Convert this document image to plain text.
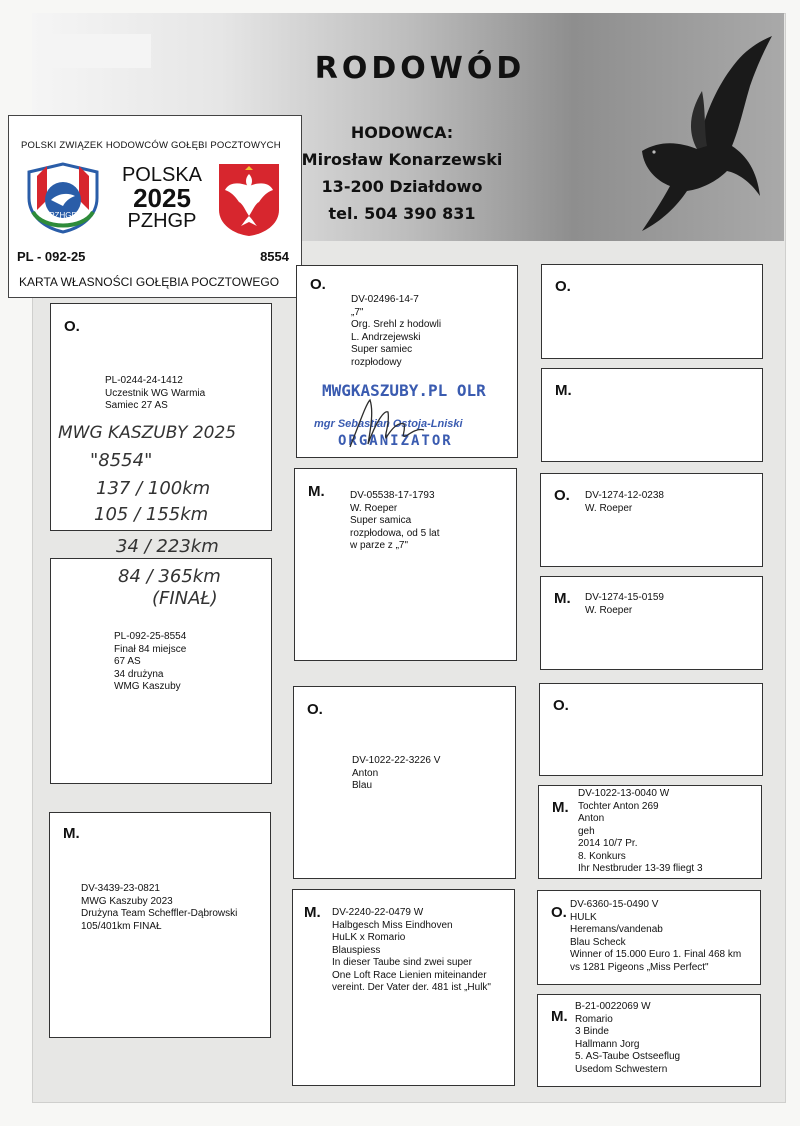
RODOWÓD
HODOWCA:
Mirosław Konarzewski
13-200 Działdowo
tel. 504 390 831
POLSKI ZWIĄZEK HODOWCÓW GOŁĘBI POCZTOWYCH
PZHGP
POLSKA
2025
PZHGP
PL - 092-25	8554
KARTA WŁASNOŚCI GOŁĘBIA POCZTOWEGO
O.
PL-0244-24-1412
Uczestnik WG Warmia
Samiec 27 AS
PL-092-25-8554
Finał 84 miejsce
67 AS
34 drużyna
WMG Kaszuby
MWG KASZUBY 2025
"8554"
137 / 100km
105 / 155km
34 / 223km
84 / 365km
(FINAŁ)
M.
DV-3439-23-0821
MWG Kaszuby 2023
Drużyna Team Scheffler-Dąbrowski
105/401km FINAŁ
O.
DV-02496-14-7
„7"
Org. Srehl z hodowli
L. Andrzejewski
Super samiec
rozpłodowy
MWGKASZUBY.PL OLR
mgr Sebastian Ostoja-Lniski
ORGANIZATOR
M.	DV-05538-17-1793
W. Roeper
Super samica
rozpłodowa, od 5 lat
w parze z „7"
O.
DV-1022-22-3226 V
Anton
Blau
M. DV-2240-22-0479 W
Halbgesch Miss Eindhoven
HuLK x Romario
Blauspiess
In dieser Taube sind zwei super
One Loft Race Lienien miteinander
vereint. Der Vater der. 481 ist „Hulk"
O.
M.
O. DV-1274-12-0238
W. Roeper
M. DV-1274-15-0159
W. Roeper
O.
M.
DV-1022-13-0040 W
Tochter Anton 269
Anton
geh
2014 10/7 Pr.
8. Konkurs
Ihr Nestbruder 13-39 fliegt 3
O. DV-6360-15-0490 V
HULK
Heremans/vandenab
Blau Scheck
Winner of 15.000 Euro 1. Final 468 km
vs 1281 Pigeons „Miss Perfect"
M.
B-21-0022069 W
Romario
3 Binde
Hallmann Jorg
5. AS-Taube Ostseeflug
Usedom Schwestern
